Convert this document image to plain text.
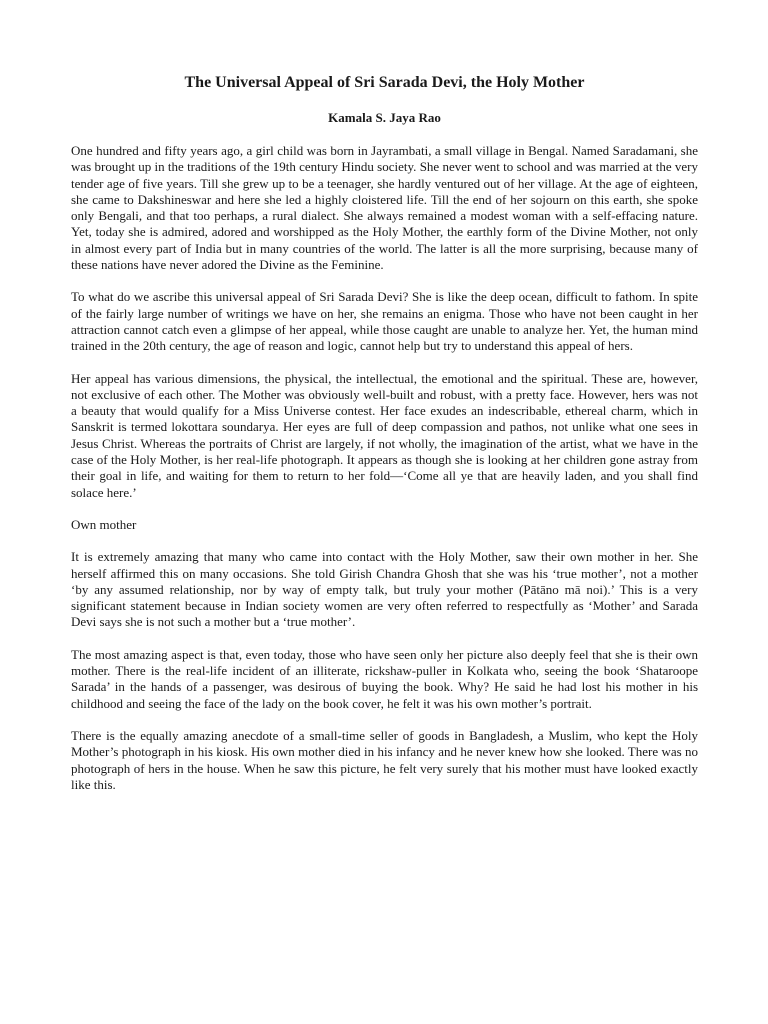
The Universal Appeal of Sri Sarada Devi, the Holy Mother
Kamala S. Jaya Rao

One hundred and fifty years ago, a girl child was born in Jayrambati, a small village in Bengal. Named Saradamani, she was brought up in the traditions of the 19th century Hindu society. She never went to school and was married at the very tender age of five years. Till she grew up to be a teenager, she hardly ventured out of her village. At the age of eighteen, she came to Dakshineswar and here she led a highly cloistered life. Till the end of her sojourn on this earth, she spoke only Bengali, and that too perhaps, a rural dialect. She always remained a modest woman with a self-effacing nature. Yet, today she is admired, adored and worshipped as the Holy Mother, the earthly form of the Divine Mother, not only in almost every part of India but in many countries of the world. The latter is all the more surprising, because many of these nations have never adored the Divine as the Feminine.

To what do we ascribe this universal appeal of Sri Sarada Devi? She is like the deep ocean, difficult to fathom. In spite of the fairly large number of writings we have on her, she remains an enigma. Those who have not been caught in her attraction cannot catch even a glimpse of her appeal, while those caught are unable to analyze her. Yet, the human mind trained in the 20th century, the age of reason and logic, cannot help but try to understand this appeal of hers.

Her appeal has various dimensions, the physical, the intellectual, the emotional and the spiritual. These are, however, not exclusive of each other. The Mother was obviously well-built and robust, with a pretty face. However, hers was not a beauty that would qualify for a Miss Universe contest. Her face exudes an indescribable, ethereal charm, which in Sanskrit is termed lokottara soundarya. Her eyes are full of deep compassion and pathos, not unlike what one sees in Jesus Christ. Whereas the portraits of Christ are largely, if not wholly, the imagination of the artist, what we have in the case of the Holy Mother, is her real-life photograph. It appears as though she is looking at her children gone astray from their goal in life, and waiting for them to return to her fold—‘Come all ye that are heavily laden, and you shall find solace here.’

Own mother

It is extremely amazing that many who came into contact with the Holy Mother, saw their own mother in her. She herself affirmed this on many occasions. She told Girish Chandra Ghosh that she was his ‘true mother’, not a mother ‘by any assumed relationship, nor by way of empty talk, but truly your mother (Pātāno mā noi).’ This is a very significant statement because in Indian society women are very often referred to respectfully as ‘Mother’ and Sarada Devi says she is not such a mother but a ‘true mother’.

The most amazing aspect is that, even today, those who have seen only her picture also deeply feel that she is their own mother. There is the real-life incident of an illiterate, rickshaw-puller in Kolkata who, seeing the book ‘Shataroope Sarada’ in the hands of a passenger, was desirous of buying the book. Why? He said he had lost his mother in his childhood and seeing the face of the lady on the book cover, he felt it was his own mother’s portrait.

There is the equally amazing anecdote of a small-time seller of goods in Bangladesh, a Muslim, who kept the Holy Mother’s photograph in his kiosk. His own mother died in his infancy and he never knew how she looked. There was no photograph of hers in the house. When he saw this picture, he felt very surely that his mother must have looked exactly like this.
